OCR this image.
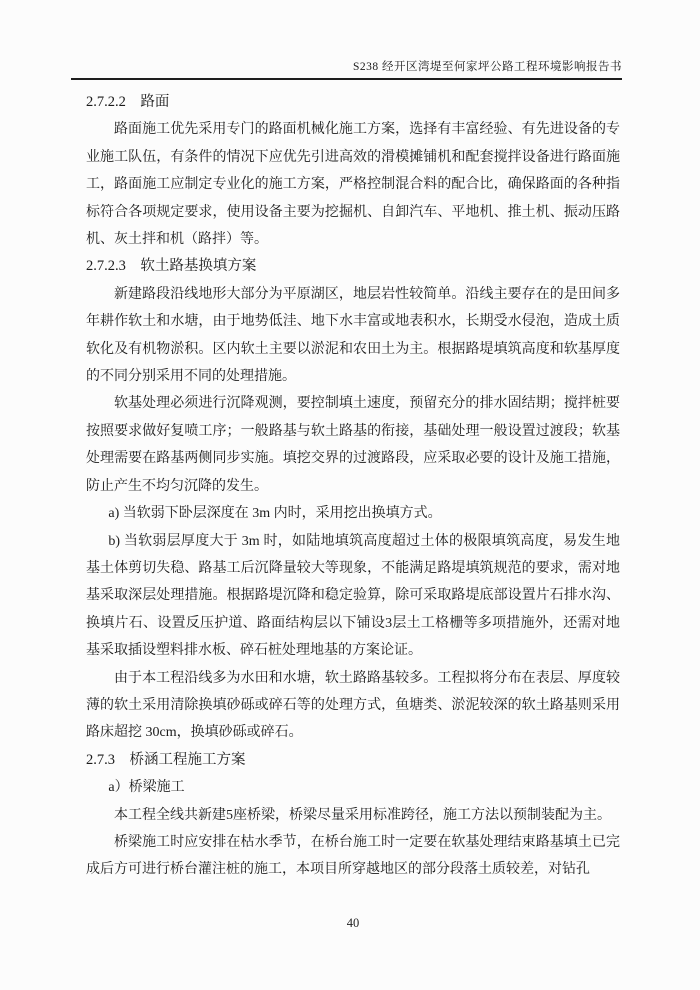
S238 经开区湾堤至何家坪公路工程环境影响报告书
2.7.2.2　路面

路面施工优先采用专门的路面机械化施工方案，选择有丰富经验、有先进设备的专业施工队伍，有条件的情况下应优先引进高效的滑模摊铺机和配套搅拌设备进行路面施工，路面施工应制定专业化的施工方案，严格控制混合料的配合比，确保路面的各种指标符合各项规定要求，使用设备主要为挖掘机、自卸汽车、平地机、推土机、振动压路机、灰土拌和机（路拌）等。

2.7.2.3　软土路基换填方案

新建路段沿线地形大部分为平原湖区，地层岩性较简单。沿线主要存在的是田间多年耕作软土和水塘，由于地势低洼、地下水丰富或地表积水，长期受水侵泡，造成土质软化及有机物淤积。区内软土主要以淤泥和农田土为主。根据路堤填筑高度和软基厚度的不同分别采用不同的处理措施。

软基处理必须进行沉降观测，要控制填土速度，预留充分的排水固结期；搅拌桩要按照要求做好复喷工序；一般路基与软土路基的衔接，基础处理一般设置过渡段；软基处理需要在路基两侧同步实施。填挖交界的过渡路段，应采取必要的设计及施工措施，防止产生不均匀沉降的发生。

a) 当软弱下卧层深度在 3m 内时，采用挖出换填方式。

b) 当软弱层厚度大于 3m 时，如陆地填筑高度超过土体的极限填筑高度，易发生地基土体剪切失稳、路基工后沉降量较大等现象，不能满足路堤填筑规范的要求，需对地基采取深层处理措施。根据路堤沉降和稳定验算，除可采取路堤底部设置片石排水沟、换填片石、设置反压护道、路面结构层以下铺设3层土工格栅等多项措施外，还需对地基采取插设塑料排水板、碎石桩处理地基的方案论证。

由于本工程沿线多为水田和水塘，软土路路基较多。工程拟将分布在表层、厚度较薄的软土采用清除换填砂砾或碎石等的处理方式，鱼塘类、淤泥较深的软土路基则采用路床超挖 30cm，换填砂砾或碎石。

2.7.3　桥涵工程施工方案

a）桥梁施工

本工程全线共新建5座桥梁，桥梁尽量采用标准跨径，施工方法以预制装配为主。

桥梁施工时应安排在枯水季节，在桥台施工时一定要在软基处理结束路基填土已完成后方可进行桥台灌注桩的施工，本项目所穿越地区的部分段落土质较差，对钻孔

40
